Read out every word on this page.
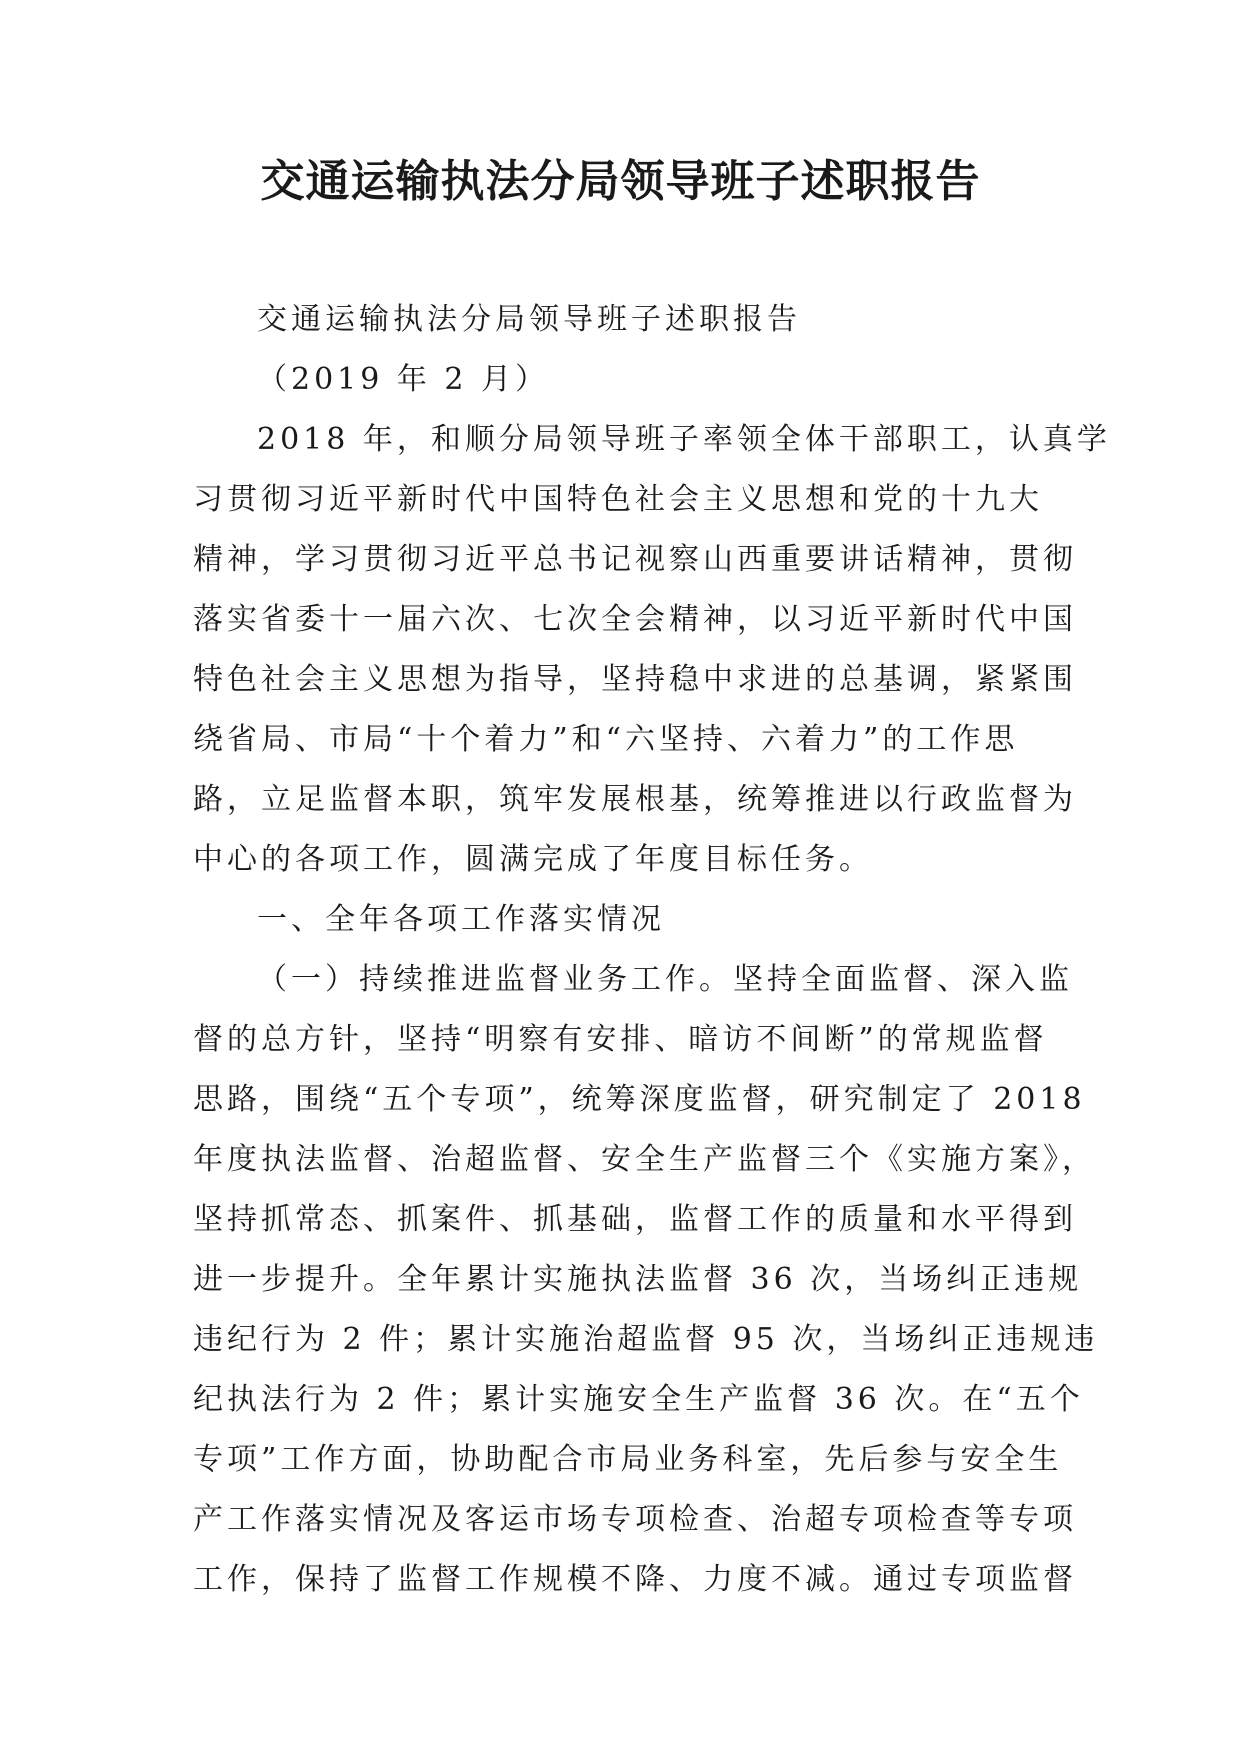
交通运输执法分局领导班子述职报告
交通运输执法分局领导班子述职报告
（2019 年 2 月）
2018 年，和顺分局领导班子率领全体干部职工，认真学
习贯彻习近平新时代中国特色社会主义思想和党的十九大
精神，学习贯彻习近平总书记视察山西重要讲话精神，贯彻
落实省委十一届六次、七次全会精神，以习近平新时代中国
特色社会主义思想为指导，坚持稳中求进的总基调，紧紧围
绕省局、市局“十个着力”和“六坚持、六着力”的工作思
路，立足监督本职，筑牢发展根基，统筹推进以行政监督为
中心的各项工作，圆满完成了年度目标任务。
一、全年各项工作落实情况
（一）持续推进监督业务工作。坚持全面监督、深入监
督的总方针，坚持“明察有安排、暗访不间断”的常规监督
思路，围绕“五个专项”，统筹深度监督，研究制定了 2018
年度执法监督、治超监督、安全生产监督三个《实施方案》，
坚持抓常态、抓案件、抓基础，监督工作的质量和水平得到
进一步提升。全年累计实施执法监督 36 次，当场纠正违规
违纪行为 2 件；累计实施治超监督 95 次，当场纠正违规违
纪执法行为 2 件；累计实施安全生产监督 36 次。在“五个
专项”工作方面，协助配合市局业务科室，先后参与安全生
产工作落实情况及客运市场专项检查、治超专项检查等专项
工作，保持了监督工作规模不降、力度不减。通过专项监督
